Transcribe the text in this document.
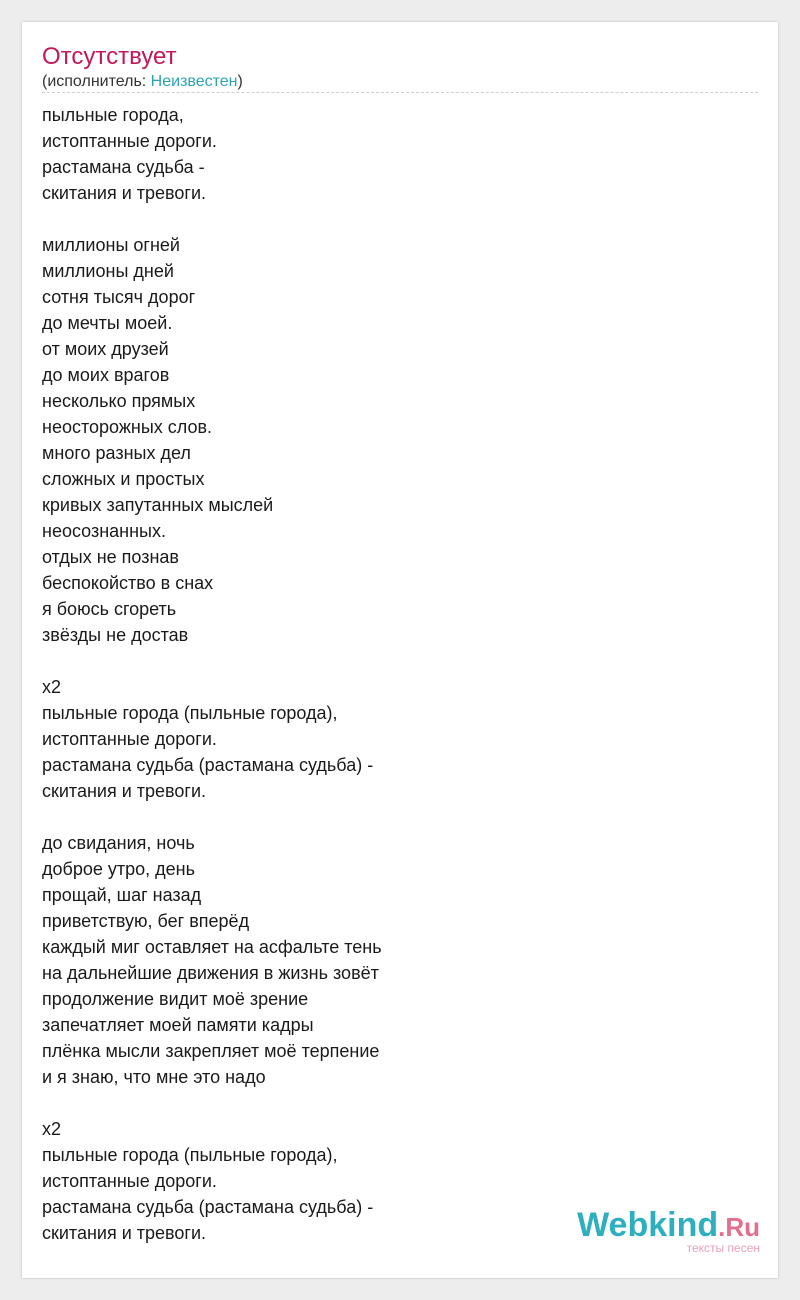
Отсутствует
(исполнитель: Неизвестен)
пыльные города,
истоптанные дороги.
растамана судьба -
скитания и тревоги.
миллионы огней
миллионы дней
сотня тысяч дорог
до мечты моей.
от моих друзей
до моих врагов
несколько прямых
неосторожных слов.
много разных дел
сложных и простых
кривых запутанных мыслей
неосознанных.
отдых не познав
беспокойство в снах
я боюсь сгореть
звёзды не достав
x2
пыльные города (пыльные города),
истоптанные дороги.
растамана судьба (растамана судьба) -
скитания и тревоги.
до свидания, ночь
доброе утро, день
прощай, шаг назад
приветствую, бег вперёд
каждый миг оставляет на асфальте тень
на дальнейшие движения в жизнь зовёт
продолжение видит моё зрение
запечатляет моей памяти кадры
плёнка мысли закрепляет моё терпение
и я знаю, что мне это надо
x2
пыльные города (пыльные города),
истоптанные дороги.
растамана судьба (растамана судьба) -
скитания и тревоги.	Webkind.Ru
тексты песен
